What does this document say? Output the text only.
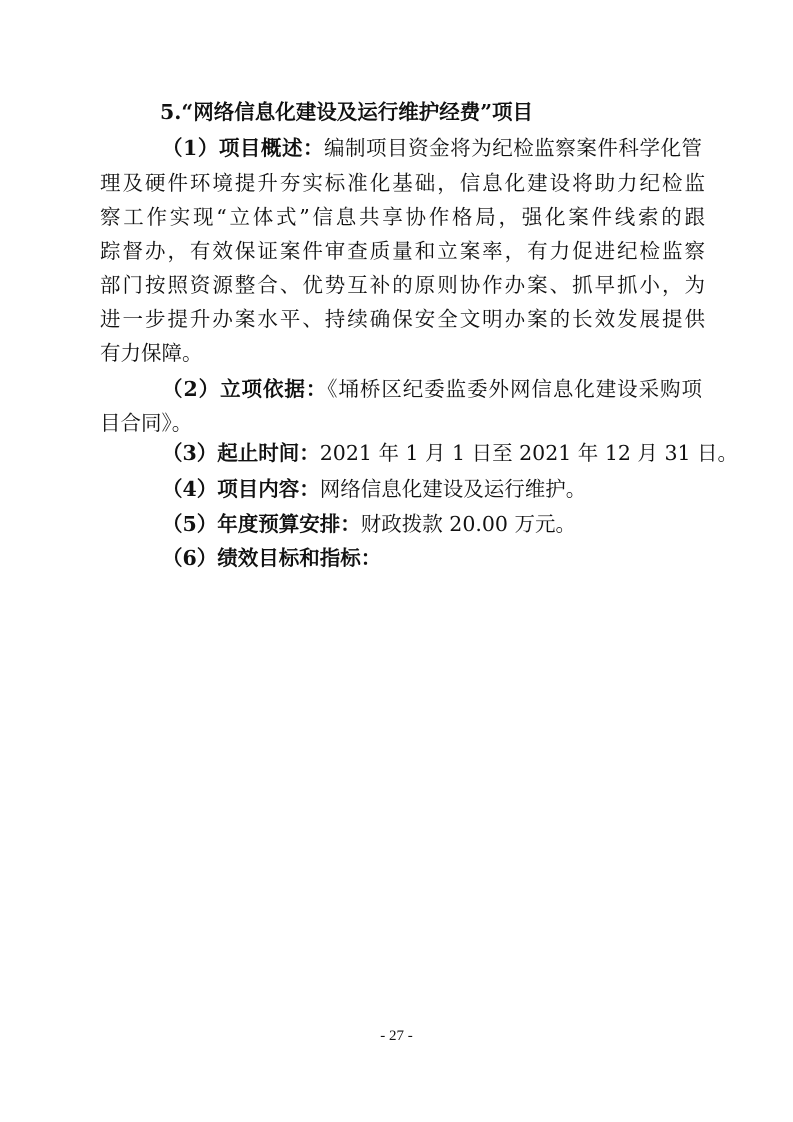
5.“网络信息化建设及运行维护经费”项目
（1）项目概述：编制项目资金将为纪检监察案件科学化管
理及硬件环境提升夯实标准化基础，信息化建设将助力纪检监
察工作实现“立体式”信息共享协作格局，强化案件线索的跟
踪督办，有效保证案件审查质量和立案率，有力促进纪检监察
部门按照资源整合、优势互补的原则协作办案、抓早抓小，为
进一步提升办案水平、持续确保安全文明办案的长效发展提供
有力保障。
（2）立项依据：《埇桥区纪委监委外网信息化建设采购项
目合同》。
（3）起止时间：2021 年 1 月 1 日至 2021 年 12 月 31 日。
（4）项目内容：网络信息化建设及运行维护。
（5）年度预算安排：财政拨款 20.00 万元。
（6）绩效目标和指标：
- 27 -
